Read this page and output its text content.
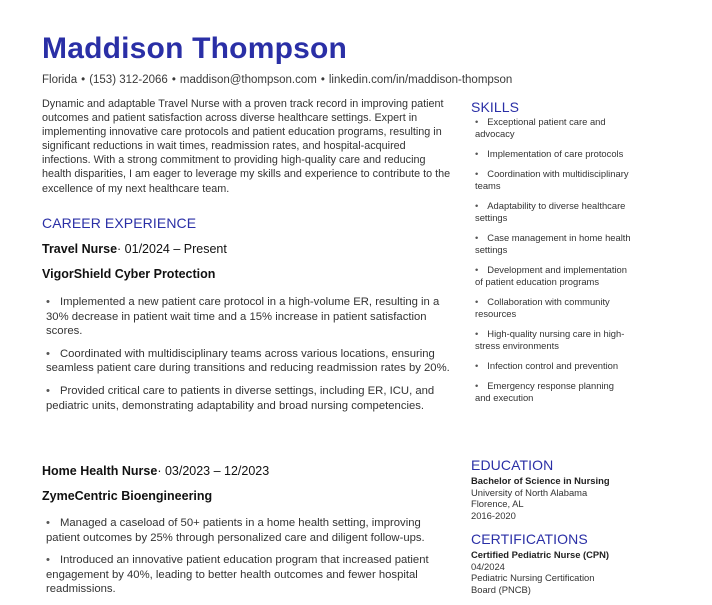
Maddison Thompson
Florida • (153) 312-2066 • maddison@thompson.com • linkedin.com/in/maddison-thompson

Dynamic and adaptable Travel Nurse with a proven track record in improving patient outcomes and patient satisfaction across diverse healthcare settings. Expert in implementing innovative care protocols and patient education programs, resulting in significant reductions in wait times, readmission rates, and hospital-acquired infections. With a strong commitment to providing high-quality care and reducing health disparities, I am eager to leverage my skills and experience to contribute to the excellence of my next healthcare team.

CAREER EXPERIENCE
Travel Nurse· 01/2024 – Present
VigorShield Cyber Protection
• Implemented a new patient care protocol in a high-volume ER, resulting in a 30% decrease in patient wait time and a 15% increase in patient satisfaction scores.
• Coordinated with multidisciplinary teams across various locations, ensuring seamless patient care during transitions and reducing readmission rates by 20%.
• Provided critical care to patients in diverse settings, including ER, ICU, and pediatric units, demonstrating adaptability and broad nursing competencies.
Home Health Nurse· 03/2023 – 12/2023
ZymeCentric Bioengineering
• Managed a caseload of 50+ patients in a home health setting, improving patient outcomes by 25% through personalized care and diligent follow-ups.
• Introduced an innovative patient education program that increased patient engagement by 40%, leading to better health outcomes and fewer hospital readmissions.
SKILLS
• Exceptional patient care and advocacy
• Implementation of care protocols
• Coordination with multidisciplinary teams
• Adaptability to diverse healthcare settings
• Case management in home health settings
• Development and implementation of patient education programs
• Collaboration with community resources
• High-quality nursing care in high-stress environments
• Infection control and prevention
• Emergency response planning and execution
EDUCATION
Bachelor of Science in Nursing
University of North Alabama
Florence, AL
2016-2020
CERTIFICATIONS
Certified Pediatric Nurse (CPN)
04/2024
Pediatric Nursing Certification Board (PNCB)
